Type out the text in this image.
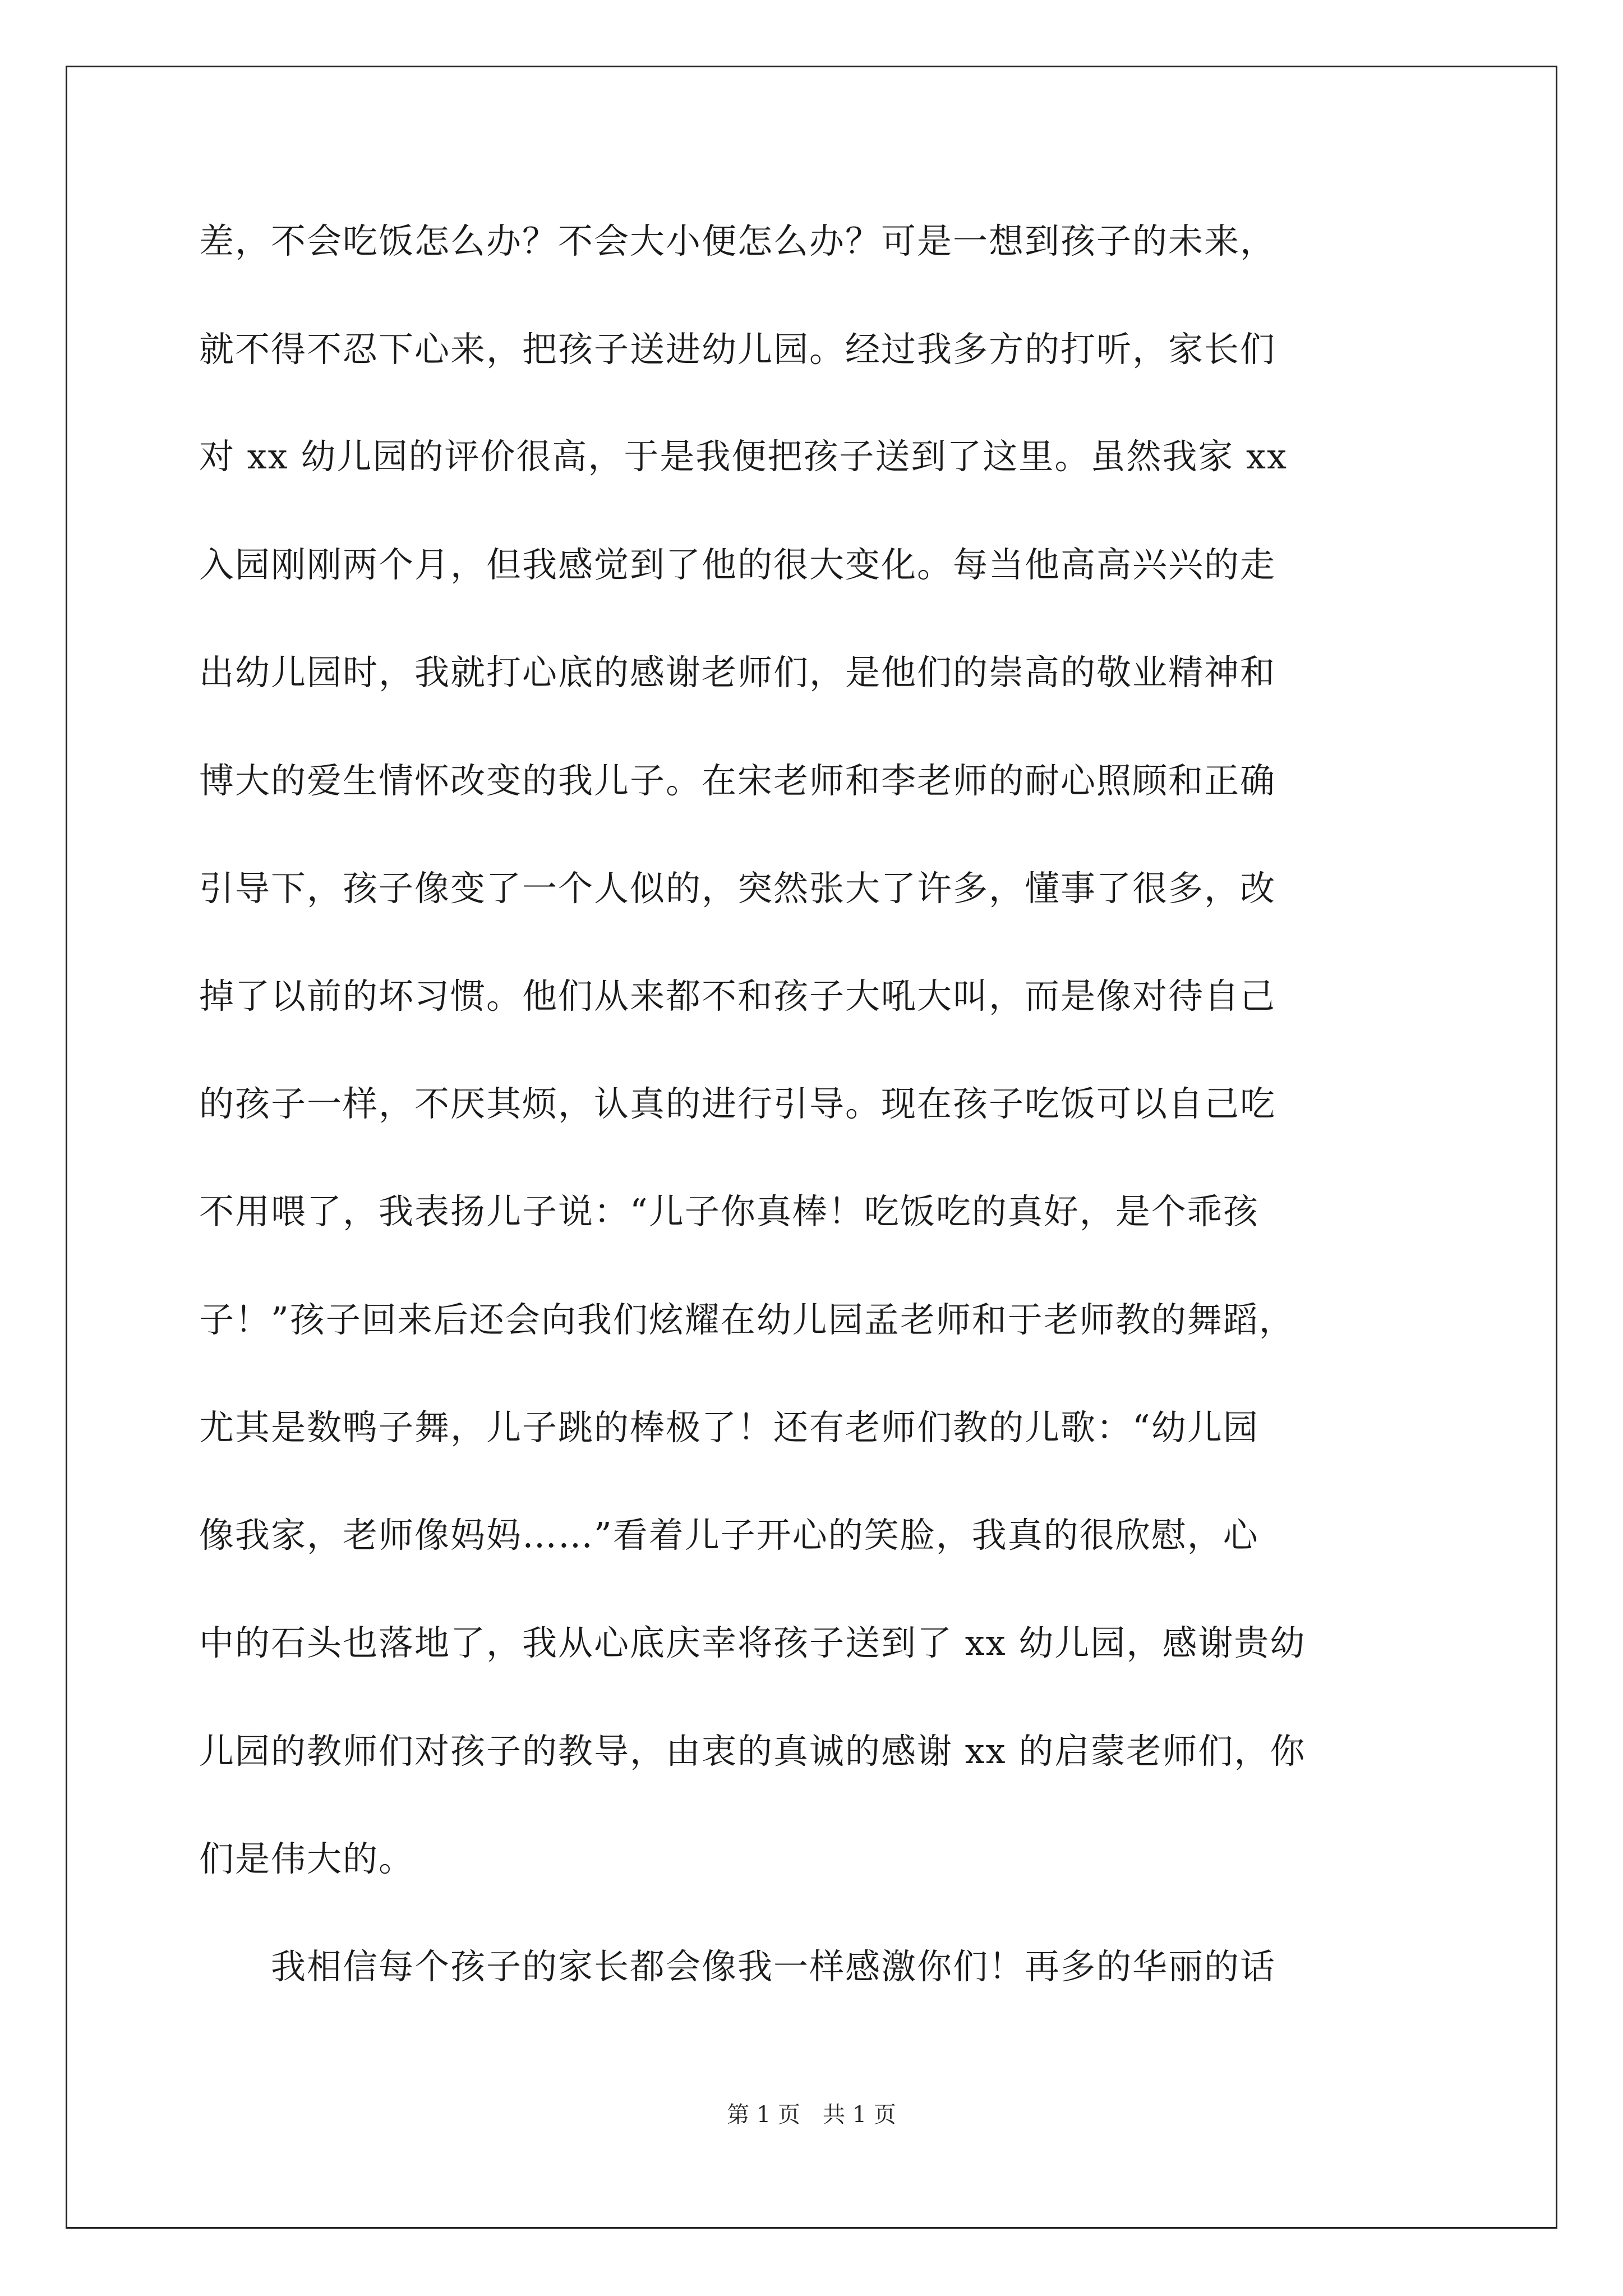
差，不会吃饭怎么办？不会大小便怎么办？可是一想到孩子的未来，
就不得不忍下心来，把孩子送进幼儿园。经过我多方的打听，家长们
对 xx 幼儿园的评价很高，于是我便把孩子送到了这里。虽然我家 xx
入园刚刚两个月，但我感觉到了他的很大变化。每当他高高兴兴的走
出幼儿园时，我就打心底的感谢老师们，是他们的崇高的敬业精神和
博大的爱生情怀改变的我儿子。在宋老师和李老师的耐心照顾和正确
引导下，孩子像变了一个人似的，突然张大了许多，懂事了很多，改
掉了以前的坏习惯。他们从来都不和孩子大吼大叫，而是像对待自己
的孩子一样，不厌其烦，认真的进行引导。现在孩子吃饭可以自己吃
不用喂了，我表扬儿子说：“儿子你真棒！吃饭吃的真好，是个乖孩
子！”孩子回来后还会向我们炫耀在幼儿园孟老师和于老师教的舞蹈，
尤其是数鸭子舞，儿子跳的棒极了！还有老师们教的儿歌：“幼儿园
像我家，老师像妈妈……”看着儿子开心的笑脸，我真的很欣慰，心
中的石头也落地了，我从心底庆幸将孩子送到了 xx 幼儿园，感谢贵幼
儿园的教师们对孩子的教导，由衷的真诚的感谢 xx 的启蒙老师们，你
们是伟大的。
　　我相信每个孩子的家长都会像我一样感激你们！再多的华丽的话
第 1 页　共 1 页
